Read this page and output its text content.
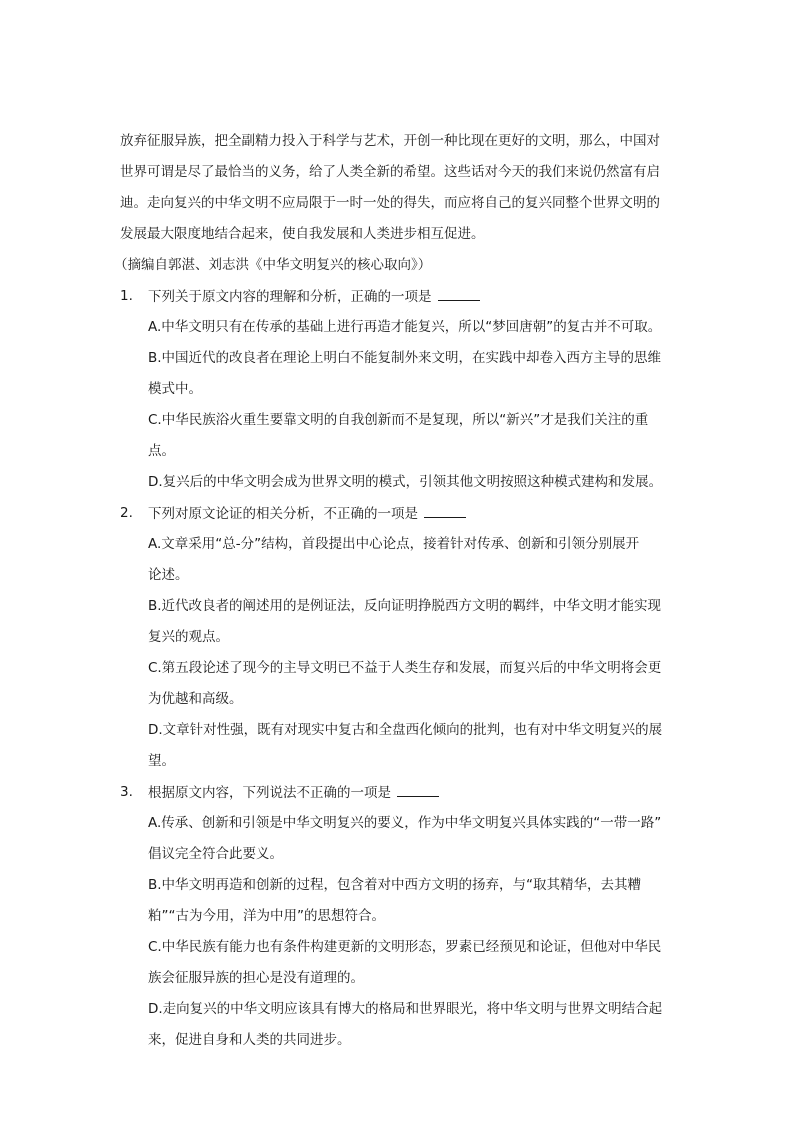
放弃征服异族，把全副精力投入于科学与艺术，开创一种比现在更好的文明，那么，中国对
世界可谓是尽了最恰当的义务，给了人类全新的希望。这些话对今天的我们来说仍然富有启
迪。走向复兴的中华文明不应局限于一时一处的得失，而应将自己的复兴同整个世界文明的
发展最大限度地结合起来，使自我发展和人类进步相互促进。
（摘编自郭湛、刘志洪《中华文明复兴的核心取向》）
1. 下列关于原文内容的理解和分析，正确的一项是
A.中华文明只有在传承的基础上进行再造才能复兴，所以“梦回唐朝”的复古并不可取。
B.中国近代的改良者在理论上明白不能复制外来文明，在实践中却卷入西方主导的思维
模式中。
C.中华民族浴火重生要靠文明的自我创新而不是复现，所以“新兴”才是我们关注的重
点。
D.复兴后的中华文明会成为世界文明的模式，引领其他文明按照这种模式建构和发展。
2. 下列对原文论证的相关分析，不正确的一项是
A.文章采用“总-分”结构，首段提出中心论点，接着针对传承、创新和引领分别展开
论述。
B.近代改良者的阐述用的是例证法，反向证明挣脱西方文明的羁绊，中华文明才能实现
复兴的观点。
C.第五段论述了现今的主导文明已不益于人类生存和发展，而复兴后的中华文明将会更
为优越和高级。
D.文章针对性强，既有对现实中复古和全盘西化倾向的批判，也有对中华文明复兴的展
望。
3. 根据原文内容，下列说法不正确的一项是
A.传承、创新和引领是中华文明复兴的要义，作为中华文明复兴具体实践的“一带一路”
倡议完全符合此要义。
B.中华文明再造和创新的过程，包含着对中西方文明的扬弃，与“取其精华，去其糟
粕”“古为今用，洋为中用”的思想符合。
C.中华民族有能力也有条件构建更新的文明形态，罗素已经预见和论证，但他对中华民
族会征服异族的担心是没有道理的。
D.走向复兴的中华文明应该具有博大的格局和世界眼光，将中华文明与世界文明结合起
来，促进自身和人类的共同进步。
